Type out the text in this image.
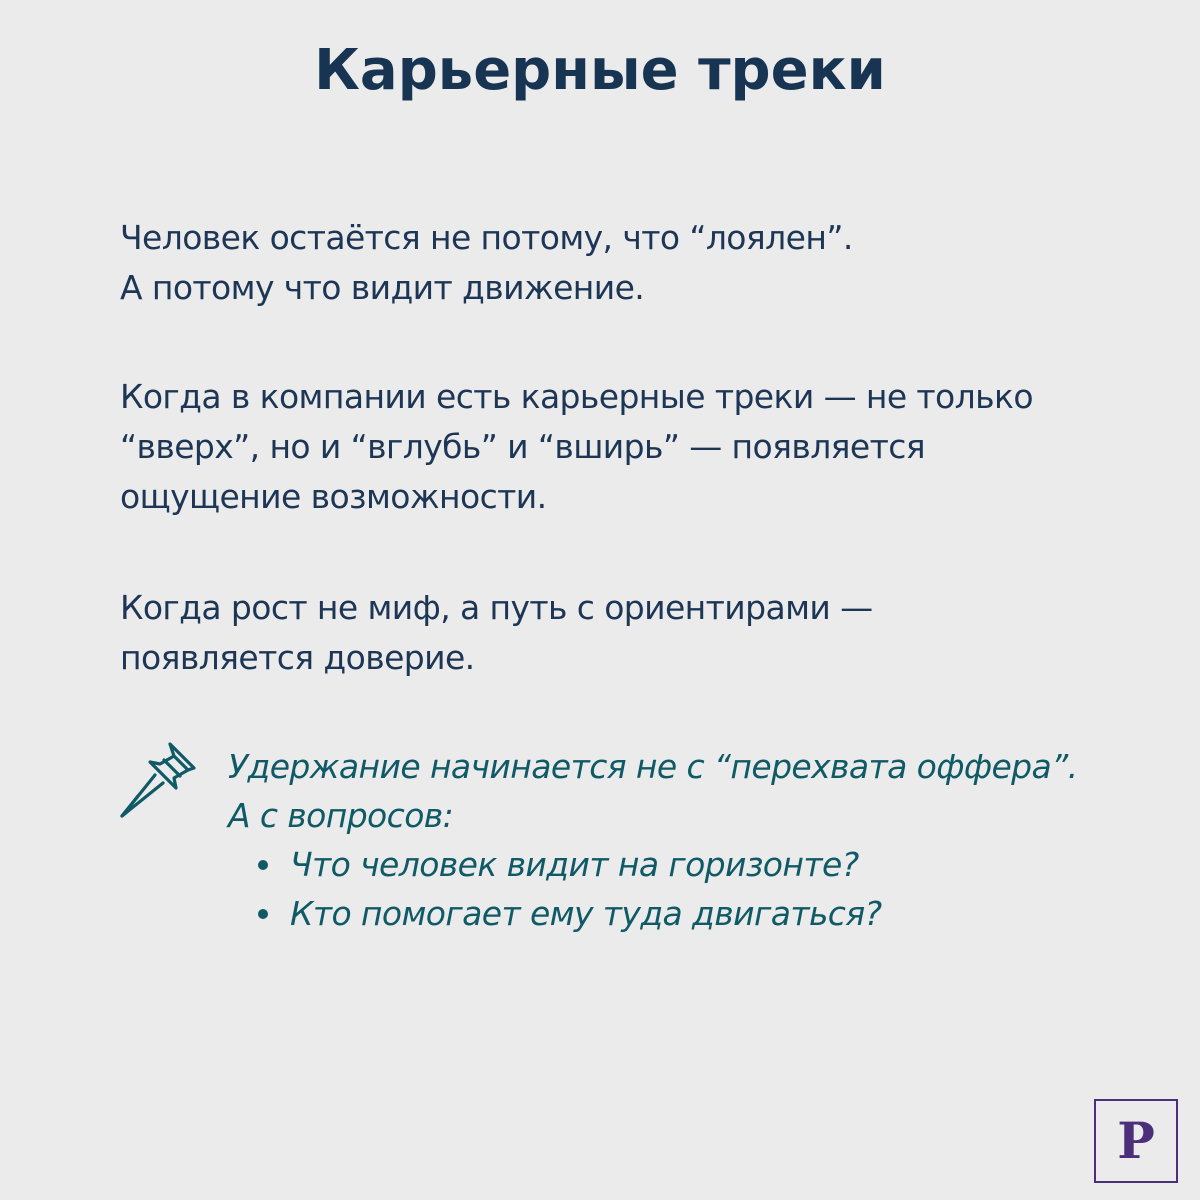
Карьерные треки

Человек остаётся не потому, что “лоялен”.
А потому что видит движение.

Когда в компании есть карьерные треки — не только
“вверх”, но и “вглубь” и “вширь” — появляется
ощущение возможности.

Когда рост не миф, а путь с ориентирами —
появляется доверие.

Удержание начинается не с “перехвата оффера”.
А с вопросов:
Что человек видит на горизонте?
Кто помогает ему туда двигаться?
P
